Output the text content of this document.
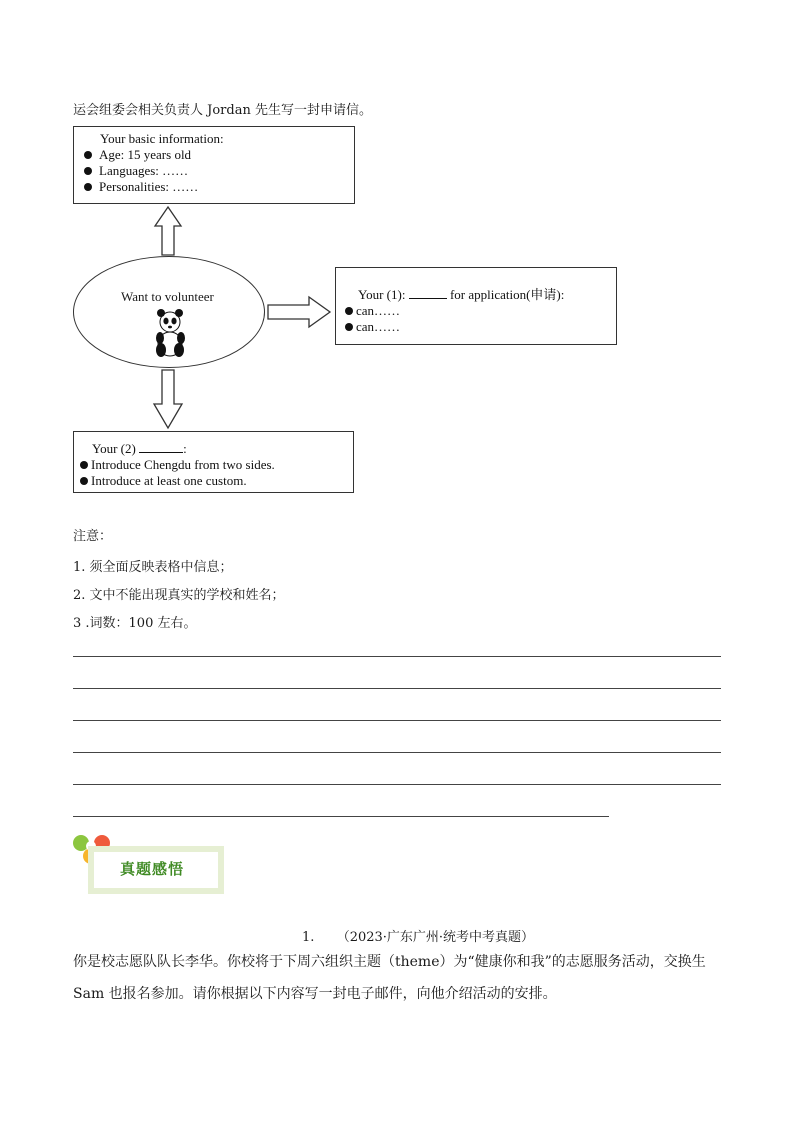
运会组委会相关负责人 Jordan 先生写一封申请信。
Your basic information:
Age: 15 years old
Languages: ……
Personalities: ……
Want to volunteer	Your (1):	for application(申请):
can……
can……
Your (2)	:
Introduce Chengdu from two sides.
Introduce at least one custom.
注意：
1. 须全面反映表格中信息；
2. 文中不能出现真实的学校和姓名；
3 .词数：100 左右。
真题感悟
1. （2023·广东广州·统考中考真题）
你是校志愿队队长李华。你校将于下周六组织主题（theme）为“健康你和我”的志愿服务活动，交换生 Sam 也报名参加。请你根据以下内容写一封电子邮件，向他介绍活动的安排。
